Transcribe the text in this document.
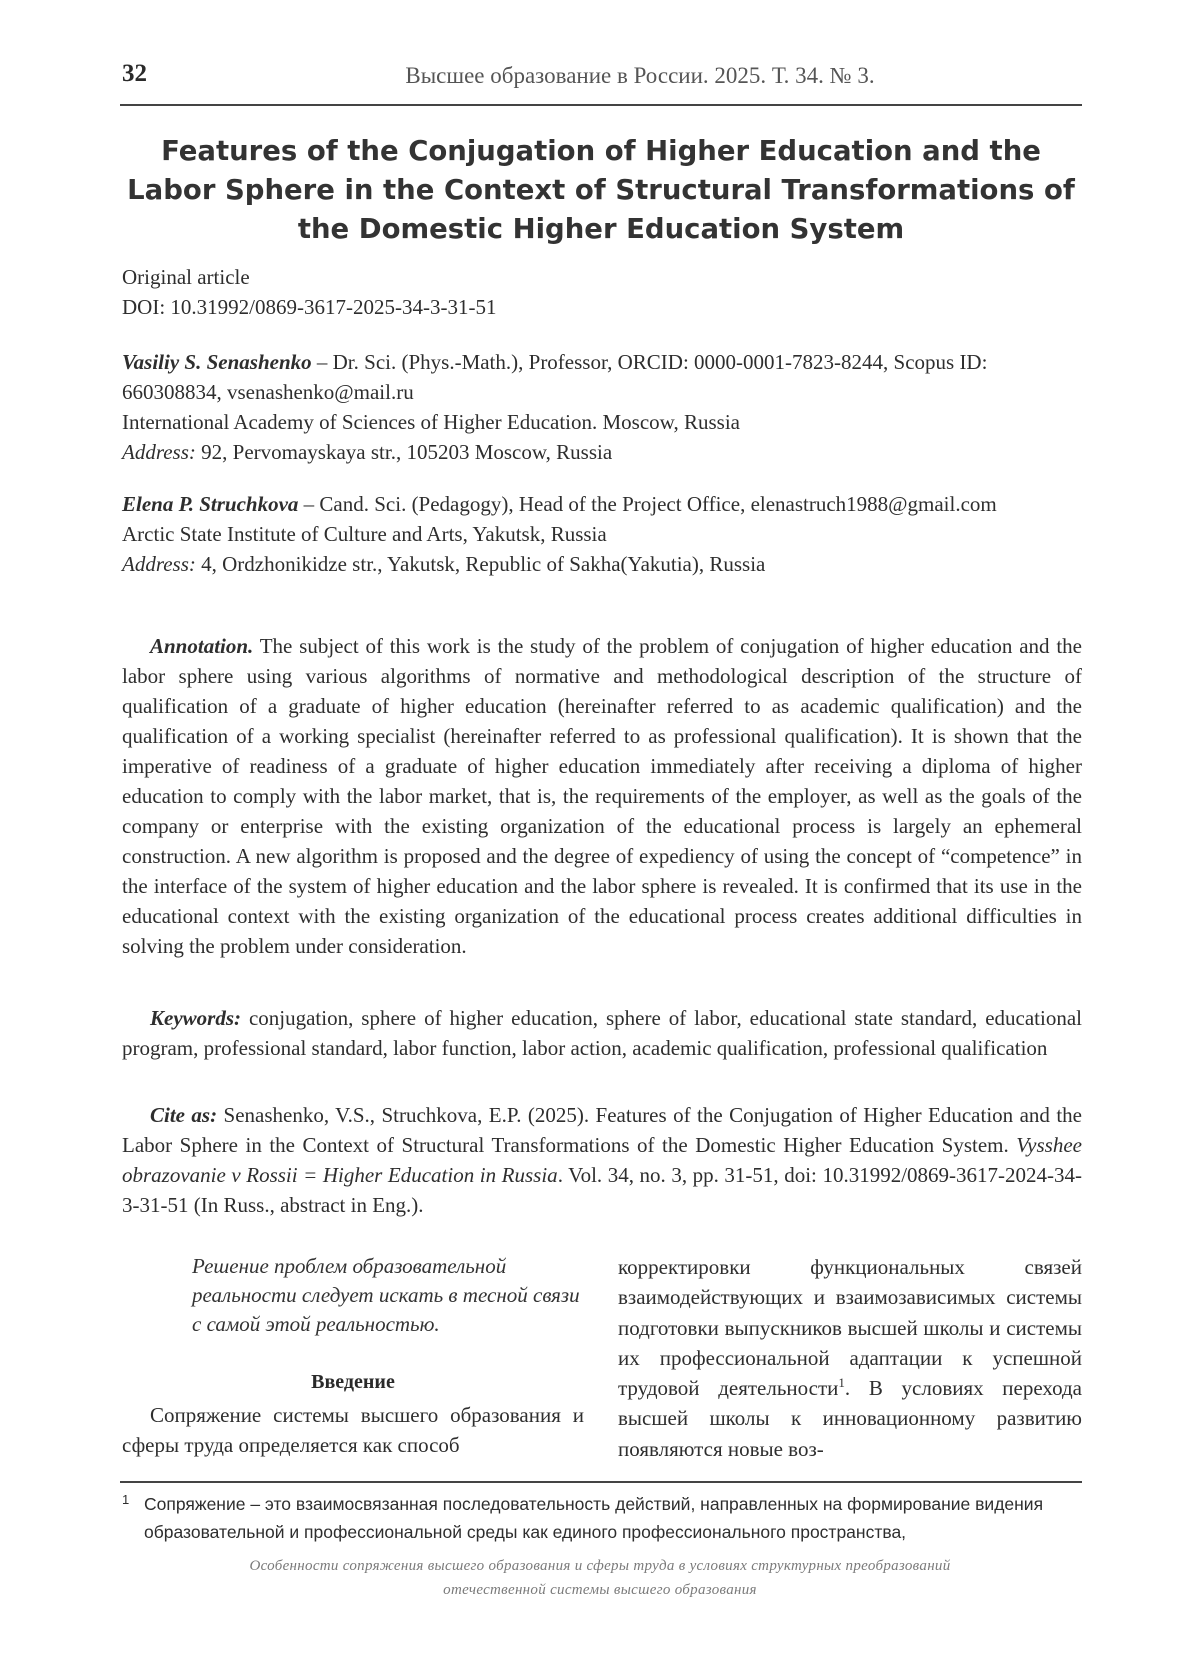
32	Высшее образование в России. 2025. Т. 34. № 3.
Features of the Conjugation of Higher Education and the Labor Sphere in the Context of Structural Transformations of the Domestic Higher Education System
Original article
DOI: 10.31992/0869-3617-2025-34-3-31-51
Vasiliy S. Senashenko – Dr. Sci. (Phys.-Math.), Professor, ORCID: 0000-0001-7823-8244, Scopus ID: 660308834, vsenashenko@mail.ru
International Academy of Sciences of Higher Education. Moscow, Russia
Address: 92, Pervomayskaya str., 105203 Moscow, Russia
Elena P. Struchkova – Cand. Sci. (Pedagogy), Head of the Project Office, elenastruch1988@gmail.com
Arctic State Institute of Culture and Arts, Yakutsk, Russia
Address: 4, Ordzhonikidze str., Yakutsk, Republic of Sakha(Yakutia), Russia
Annotation. The subject of this work is the study of the problem of conjugation of higher education and the labor sphere using various algorithms of normative and methodological description of the structure of qualification of a graduate of higher education (hereinafter referred to as academic qualification) and the qualification of a working specialist (hereinafter referred to as professional qualification). It is shown that the imperative of readiness of a graduate of higher education immediately after receiving a diploma of higher education to comply with the labor market, that is, the requirements of the employer, as well as the goals of the company or enterprise with the existing organization of the educational process is largely an ephemeral construction. A new algorithm is proposed and the degree of expediency of using the concept of “competence” in the interface of the system of higher education and the labor sphere is revealed. It is confirmed that its use in the educational context with the existing organization of the educational process creates additional difficulties in solving the problem under consideration.
Keywords: conjugation, sphere of higher education, sphere of labor, educational state standard, educational program, professional standard, labor function, labor action, academic qualification, professional qualification
Cite as: Senashenko, V.S., Struchkova, E.P. (2025). Features of the Conjugation of Higher Education and the Labor Sphere in the Context of Structural Transformations of the Domestic Higher Education System. Vysshee obrazovanie v Rossii = Higher Education in Russia. Vol. 34, no. 3, pp. 31-51, doi: 10.31992/0869-3617-2024-34-3-31-51 (In Russ., abstract in Eng.).
Решение проблем образовательной реальности следует искать в тесной связи с самой этой реальностью.
Введение
Сопряжение системы высшего образования и сферы труда определяется как способ
корректировки функциональных связей взаимодействующих и взаимозависимых системы подготовки выпускников высшей школы и системы их профессиональной адаптации к успешной трудовой деятельности$^1$. В условиях перехода высшей школы к инновационному развитию появляются новые воз-
1 Сопряжение – это взаимосвязанная последовательность действий, направленных на формирование видения образовательной и профессиональной среды как единого профессионального пространства,
Особенности сопряжения высшего образования и сферы труда в условиях структурных преобразований
отечественной системы высшего образования
